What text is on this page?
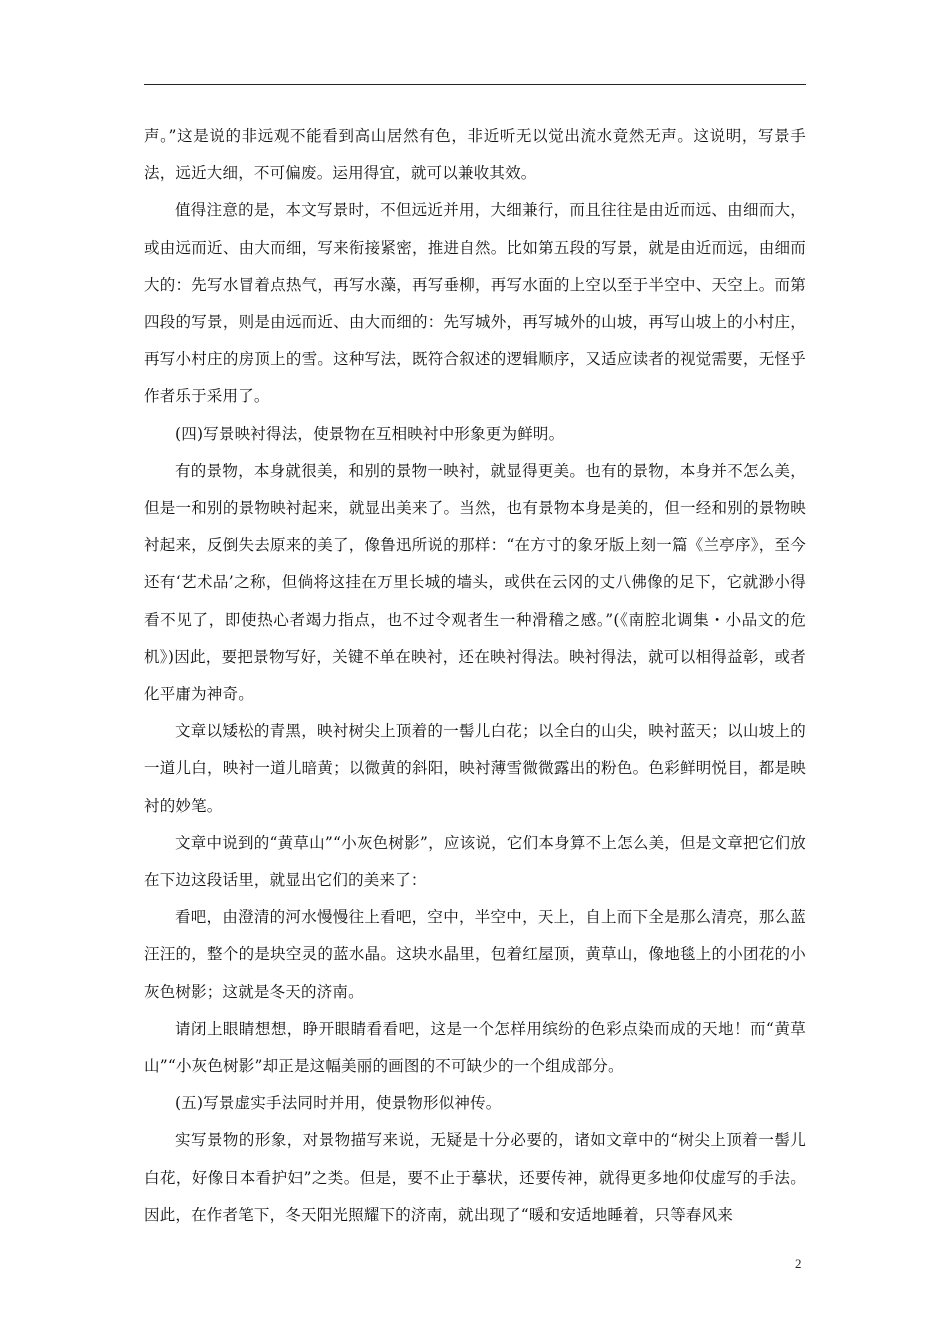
声。”这是说的非远观不能看到高山居然有色，非近听无以觉出流水竟然无声。这说明，写景手法，远近大细，不可偏废。运用得宜，就可以兼收其效。

值得注意的是，本文写景时，不但远近并用，大细兼行，而且往往是由近而远、由细而大，或由远而近、由大而细，写来衔接紧密，推进自然。比如第五段的写景，就是由近而远，由细而大的：先写水冒着点热气，再写水藻，再写垂柳，再写水面的上空以至于半空中、天空上。而第四段的写景，则是由远而近、由大而细的：先写城外，再写城外的山坡，再写山坡上的小村庄，再写小村庄的房顶上的雪。这种写法，既符合叙述的逻辑顺序，又适应读者的视觉需要，无怪乎作者乐于采用了。

(四)写景映衬得法，使景物在互相映衬中形象更为鲜明。

有的景物，本身就很美，和别的景物一映衬，就显得更美。也有的景物，本身并不怎么美，但是一和别的景物映衬起来，就显出美来了。当然，也有景物本身是美的，但一经和别的景物映衬起来，反倒失去原来的美了，像鲁迅所说的那样：“在方寸的象牙版上刻一篇《兰亭序》，至今还有‘艺术品’之称，但倘将这挂在万里长城的墙头，或供在云冈的丈八佛像的足下，它就渺小得看不见了，即使热心者竭力指点，也不过令观者生一种滑稽之感。”(《南腔北调集・小品文的危机》)因此，要把景物写好，关键不单在映衬，还在映衬得法。映衬得法，就可以相得益彰，或者化平庸为神奇。

文章以矮松的青黑，映衬树尖上顶着的一髻儿白花；以全白的山尖，映衬蓝天；以山坡上的一道儿白，映衬一道儿暗黄；以微黄的斜阳，映衬薄雪微微露出的粉色。色彩鲜明悦目，都是映衬的妙笔。

文章中说到的“黄草山”“小灰色树影”，应该说，它们本身算不上怎么美，但是文章把它们放在下边这段话里，就显出它们的美来了：

看吧，由澄清的河水慢慢往上看吧，空中，半空中，天上，自上而下全是那么清亮，那么蓝汪汪的，整个的是块空灵的蓝水晶。这块水晶里，包着红屋顶，黄草山，像地毯上的小团花的小灰色树影；这就是冬天的济南。

请闭上眼睛想想，睁开眼睛看看吧，这是一个怎样用缤纷的色彩点染而成的天地！而“黄草山”“小灰色树影”却正是这幅美丽的画图的不可缺少的一个组成部分。

(五)写景虚实手法同时并用，使景物形似神传。

实写景物的形象，对景物描写来说，无疑是十分必要的，诸如文章中的“树尖上顶着一髻儿白花，好像日本看护妇”之类。但是，要不止于摹状，还要传神，就得更多地仰仗虚写的手法。因此，在作者笔下，冬天阳光照耀下的济南，就出现了“暖和安适地睡着，只等春风来

2
